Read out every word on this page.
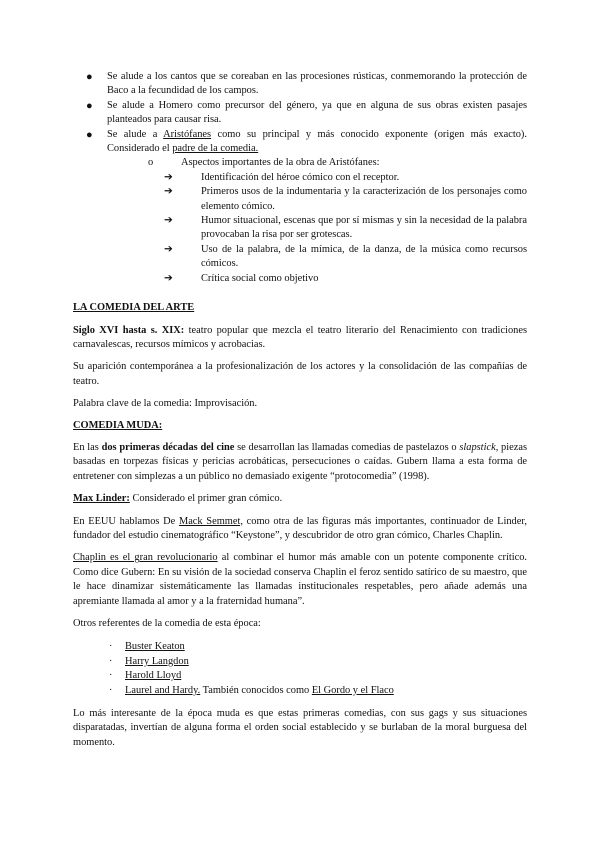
● Se alude a los cantos que se coreaban en las procesiones rústicas, conmemorando la protección de Baco a la fecundidad de los campos.
● Se alude a Homero como precursor del género, ya que en alguna de sus obras existen pasajes planteados para causar risa.
● Se alude a Aristófanes como su principal y más conocido exponente (origen más exacto). Considerado el padre de la comedia.
o	Aspectos importantes de la obra de Aristófanes:
➔	Identificación del héroe cómico con el receptor.
➔	Primeros usos de la indumentaria y la caracterización de los personajes como elemento cómico.
➔	Humor situacional, escenas que por sí mismas y sin la necesidad de la palabra provocaban la risa por ser grotescas.
➔	Uso de la palabra, de la mímica, de la danza, de la música como recursos cómicos.
➔	Crítica social como objetivo

LA COMEDIA DEL ARTE

Siglo XVI hasta s. XIX: teatro popular que mezcla el teatro literario del Renacimiento con tradiciones carnavalescas, recursos mímicos y acrobacias.

Su aparición contemporánea a la profesionalización de los actores y la consolidación de las compañías de teatro.

Palabra clave de la comedia: Improvisación.

COMEDIA MUDA:

En las dos primeras décadas del cine se desarrollan las llamadas comedias de pastelazos o slapstick, piezas basadas en torpezas físicas y pericias acrobáticas, persecuciones o caídas. Gubern llama a esta forma de entretener con simplezas a un público no demasiado exigente “protocomedia” (1998).

Max Linder: Considerado el primer gran cómico.

En EEUU hablamos De Mack Semmet, como otra de las figuras más importantes, continuador de Linder, fundador del estudio cinematográfico “Keystone”, y descubridor de otro gran cómico, Charles Chaplin.

Chaplin es el gran revolucionario al combinar el humor más amable con un potente componente crítico. Como dice Gubern: En su visión de la sociedad conserva Chaplin el feroz sentido satírico de su maestro, que le hace dinamizar sistemáticamente las llamadas institucionales respetables, pero añade además una apremiante llamada al amor y a la fraternidad humana”.

Otros referentes de la comedia de esta época:

· Buster Keaton
· Harry Langdon
· Harold Lloyd
· Laurel and Hardy. También conocidos como El Gordo y el Flaco

Lo más interesante de la época muda es que estas primeras comedias, con sus gags y sus situaciones disparatadas, invertían de alguna forma el orden social establecido y se burlaban de la moral burguesa del momento.
